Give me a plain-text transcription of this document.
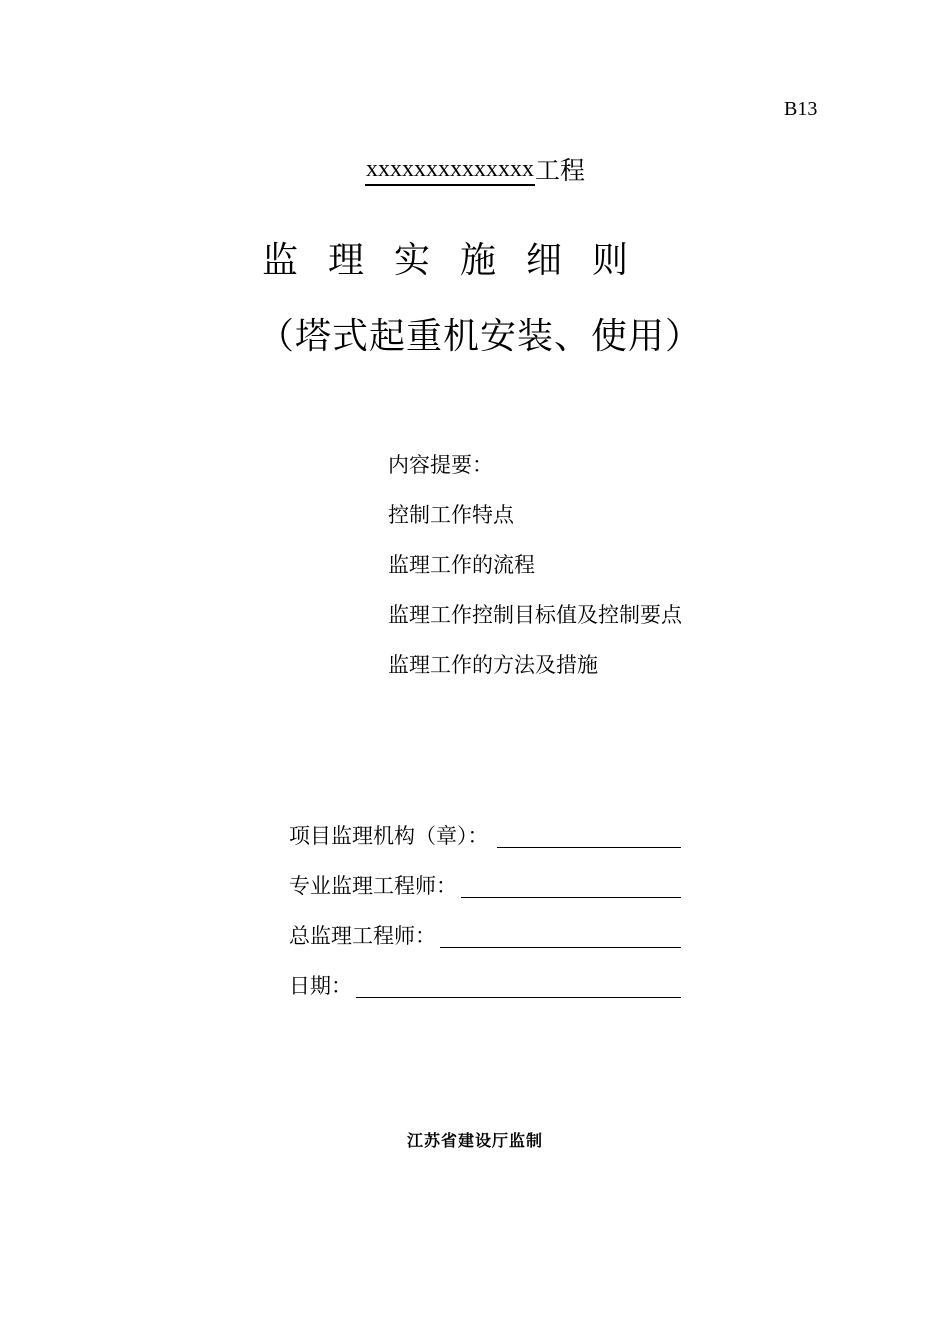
B13
xxxxxxxxxxxxxx工程
监理实施细则
（塔式起重机安装、使用）
内容提要：
控制工作特点
监理工作的流程
监理工作控制目标值及控制要点
监理工作的方法及措施
项目监理机构（章）：
专业监理工程师：
总监理工程师：
日期：
江苏省建设厅监制
